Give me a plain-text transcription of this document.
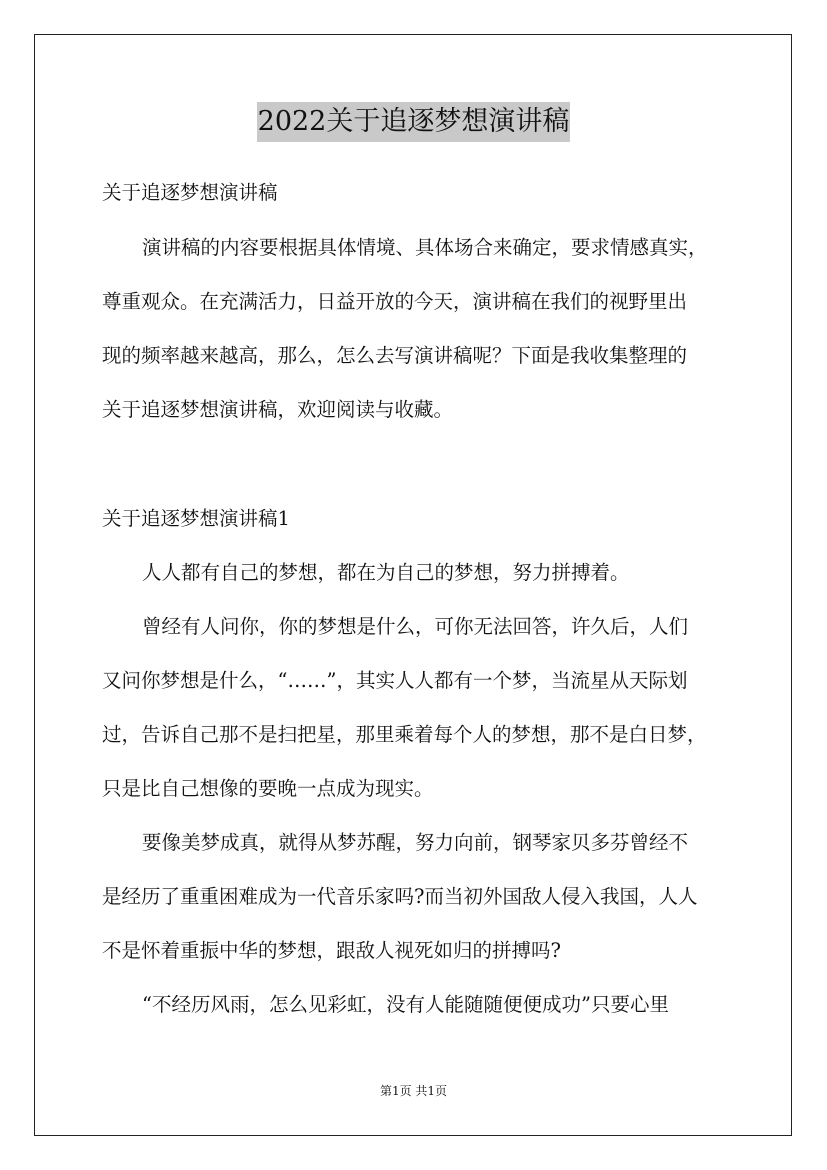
2022关于追逐梦想演讲稿
关于追逐梦想演讲稿
演讲稿的内容要根据具体情境、具体场合来确定，要求情感真实，
尊重观众。在充满活力，日益开放的今天，演讲稿在我们的视野里出
现的频率越来越高，那么，怎么去写演讲稿呢？下面是我收集整理的
关于追逐梦想演讲稿，欢迎阅读与收藏。
关于追逐梦想演讲稿1
人人都有自己的梦想，都在为自己的梦想，努力拼搏着。
曾经有人问你，你的梦想是什么，可你无法回答，许久后，人们
又问你梦想是什么，“……”，其实人人都有一个梦，当流星从天际划
过，告诉自己那不是扫把星，那里乘着每个人的梦想，那不是白日梦，
只是比自己想像的要晚一点成为现实。
要像美梦成真，就得从梦苏醒，努力向前，钢琴家贝多芬曾经不
是经历了重重困难成为一代音乐家吗?而当初外国敌人侵入我国，人人
不是怀着重振中华的梦想，跟敌人视死如归的拼搏吗?
“不经历风雨，怎么见彩虹，没有人能随随便便成功”只要心里
第1页 共1页
